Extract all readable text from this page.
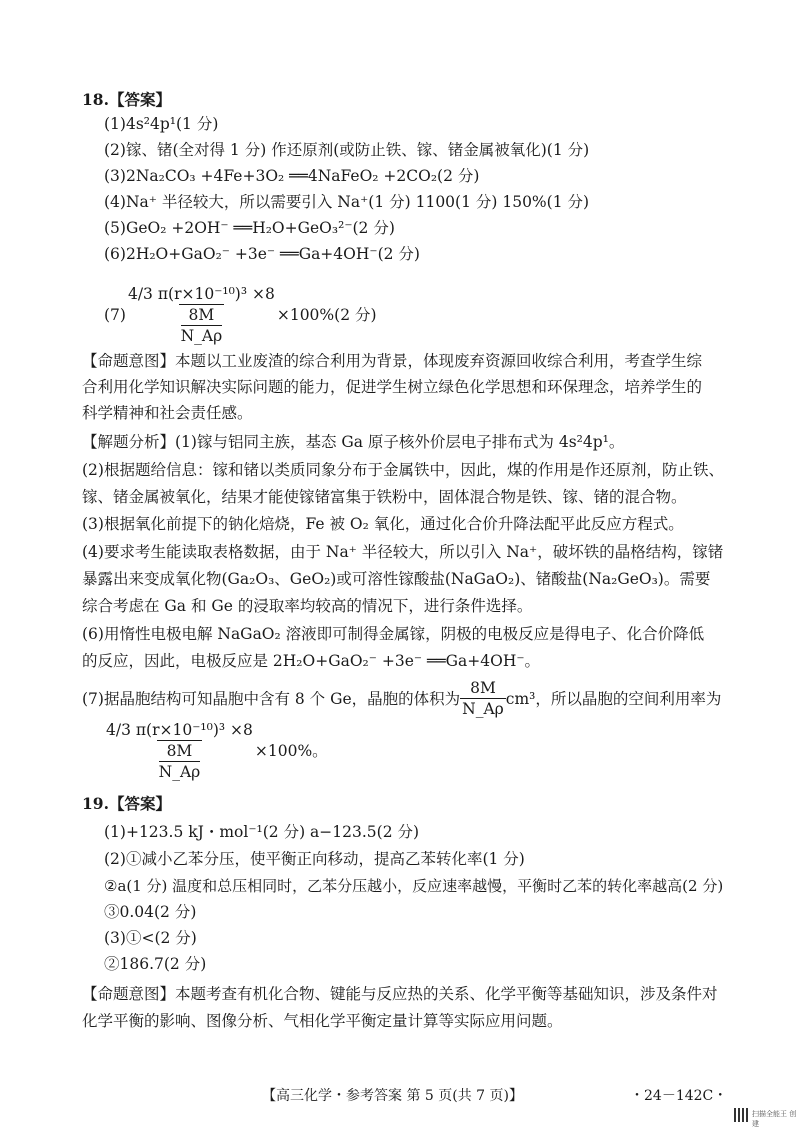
18.【答案】
(1)4s²4p¹(1 分)
(2)镓、锗(全对得 1 分) 作还原剂(或防止铁、镓、锗金属被氧化)(1 分)
(3)2Na₂CO₃ +4Fe+3O₂ ══4NaFeO₂ +2CO₂(2 分)
(4)Na⁺ 半径较大，所以需要引入 Na⁺(1 分) 1100(1 分) 150%(1 分)
(5)GeO₂ +2OH⁻ ══H₂O+GeO₃²⁻(2 分)
(6)2H₂O+GaO₂⁻ +3e⁻ ══Ga+4OH⁻(2 分)
(7) 4/3 π(r×10⁻¹⁰)³ ×8
8M
N_Aρ ×100%(2 分)
【命题意图】本题以工业废渣的综合利用为背景，体现废弃资源回收综合利用，考查学生综
合利用化学知识解决实际问题的能力，促进学生树立绿色化学思想和环保理念，培养学生的
科学精神和社会责任感。
【解题分析】(1)镓与铝同主族，基态 Ga 原子核外价层电子排布式为 4s²4p¹。
(2)根据题给信息：镓和锗以类质同象分布于金属铁中，因此，煤的作用是作还原剂，防止铁、
镓、锗金属被氧化，结果才能使镓锗富集于铁粉中，固体混合物是铁、镓、锗的混合物。
(3)根据氧化前提下的钠化焙烧，Fe 被 O₂ 氧化，通过化合价升降法配平此反应方程式。
(4)要求考生能读取表格数据，由于 Na⁺ 半径较大，所以引入 Na⁺，破坏铁的晶格结构，镓锗
暴露出来变成氧化物(Ga₂O₃、GeO₂)或可溶性镓酸盐(NaGaO₂)、锗酸盐(Na₂GeO₃)。需要
综合考虑在 Ga 和 Ge 的浸取率均较高的情况下，进行条件选择。
(6)用惰性电极电解 NaGaO₂ 溶液即可制得金属镓，阴极的电极反应是得电子、化合价降低
的反应，因此，电极反应是 2H₂O+GaO₂⁻ +3e⁻ ══Ga+4OH⁻。
(7)据晶胞结构可知晶胞中含有 8 个 Ge，晶胞的体积为 $\frac{8M}{N\_A\rho} cm^3$，所以晶胞的空间利用率为
4/3 π(r×10⁻¹⁰)³ ×8
8M
N_Aρ ×100%。
19.【答案】
(1)+123.5 kJ・mol⁻¹(2 分) a−123.5(2 分)
(2)①减小乙苯分压，使平衡正向移动，提高乙苯转化率(1 分)
②a(1 分) 温度和总压相同时，乙苯分压越小，反应速率越慢，平衡时乙苯的转化率越高(2 分)
③0.04(2 分)
(3)①<(2 分)
②186.7(2 分)
【命题意图】本题考查有机化合物、键能与反应热的关系、化学平衡等基础知识，涉及条件对
化学平衡的影响、图像分析、气相化学平衡定量计算等实际应用问题。
【高三化学・参考答案 第 5 页(共 7 页)】	・24－142C・
扫描全能王 创建
